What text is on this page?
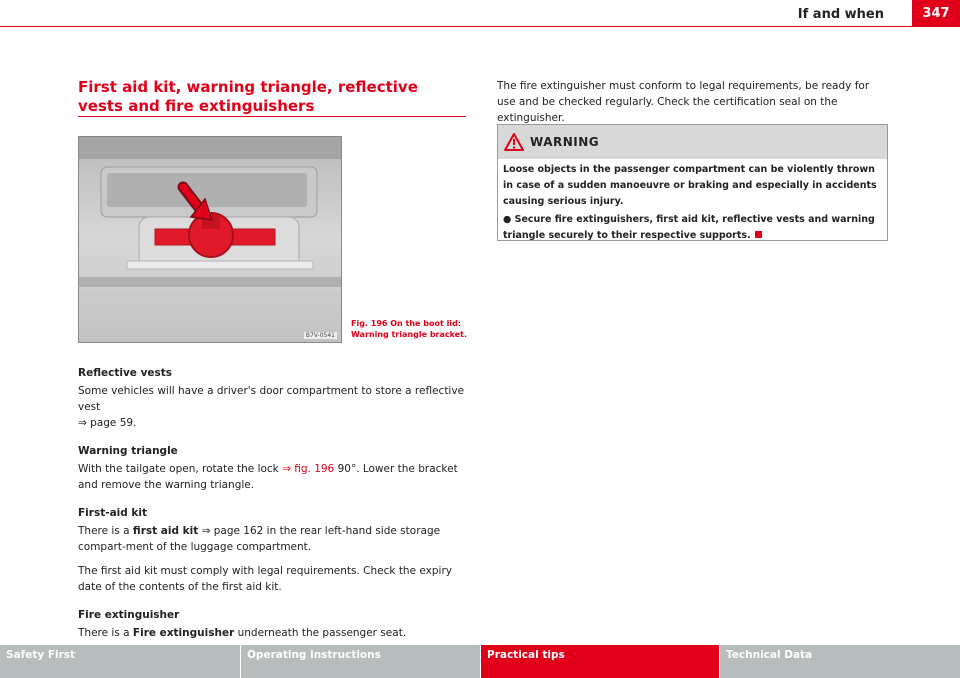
If and when	347
First aid kit, warning triangle, reflective vests and fire extinguishers
B7V-0541
Fig. 196 On the boot lid:
Warning triangle bracket.

Reflective vests

Some vehicles will have a driver's door compartment to store a reflective vest
⇒ page 59.

Warning triangle

With the tailgate open, rotate the lock ⇒ fig. 196 90°. Lower the bracket and remove the warning triangle.

First-aid kit

There is a first aid kit ⇒ page 162 in the rear left-hand side storage compart-ment of the luggage compartment.

The first aid kit must comply with legal requirements. Check the expiry date of the contents of the first aid kit.

Fire extinguisher

There is a Fire extinguisher underneath the passenger seat.

The fire extinguisher must conform to legal requirements, be ready for use and be checked regularly. Check the certification seal on the extinguisher.
WARNING

Loose objects in the passenger compartment can be violently thrown in case of a sudden manoeuvre or braking and especially in accidents causing serious injury.

● Secure fire extinguishers, first aid kit, reflective vests and warning triangle securely to their respective supports.

Safety First	Operating instructions	Practical tips	Technical Data
